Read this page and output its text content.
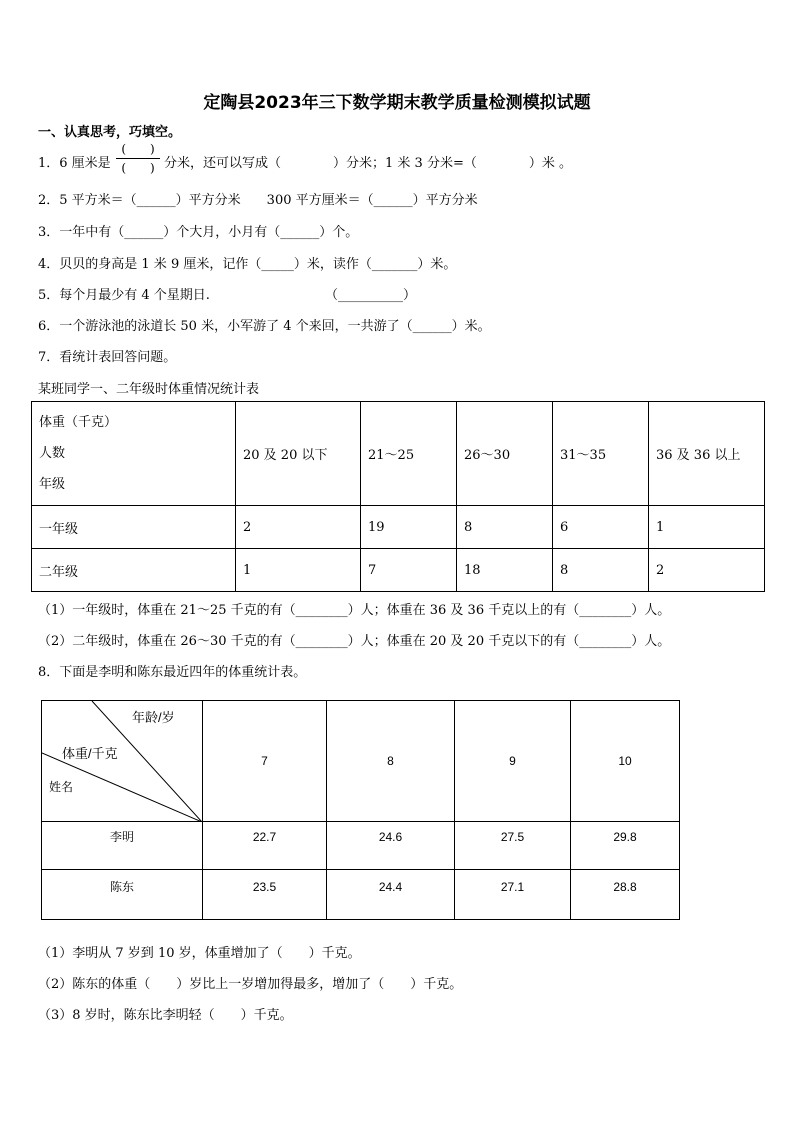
定陶县2023年三下数学期末教学质量检测模拟试题
一、认真思考，巧填空。
1．6 厘米是
(　　)
(　　) 分米，还可以写成（　　　　）分米；1 米 3 分米=（　　　　）米 。
2．5 平方米＝（______）平方分米　　300 平方厘米＝（______）平方分米
3．一年中有（______）个大月，小月有（______）个。
4．贝贝的身高是 1 米 9 厘米，记作（_____）米，读作（_______）米。
5．每个月最少有 4 个星期日.	（__________）
6．一个游泳池的泳道长 50 米，小军游了 4 个来回，一共游了（______）米。
7．看统计表回答问题。
某班同学一、二年级时体重情况统计表
体重（千克）
人数
年级	20 及 20 以下	21～25	26～30	31～35	36 及 36 以上
一年级	2	19	8	6	1
二年级	1	7	18	8	2
（1）一年级时，体重在 21～25 千克的有（________）人；体重在 36 及 36 千克以上的有（________）人。
（2）二年级时，体重在 26～30 千克的有（________）人；体重在 20 及 20 千克以下的有（________）人。
8．下面是李明和陈东最近四年的体重统计表。
年龄/岁
体重/千克
姓名	7	8	9	10
李明	22.7	24.6	27.5	29.8
陈东	23.5	24.4	27.1	28.8
（1）李明从 7 岁到 10 岁，体重增加了（　　）千克。
（2）陈东的体重（　　）岁比上一岁增加得最多，增加了（　　）千克。
（3）8 岁时，陈东比李明轻（　　）千克。
